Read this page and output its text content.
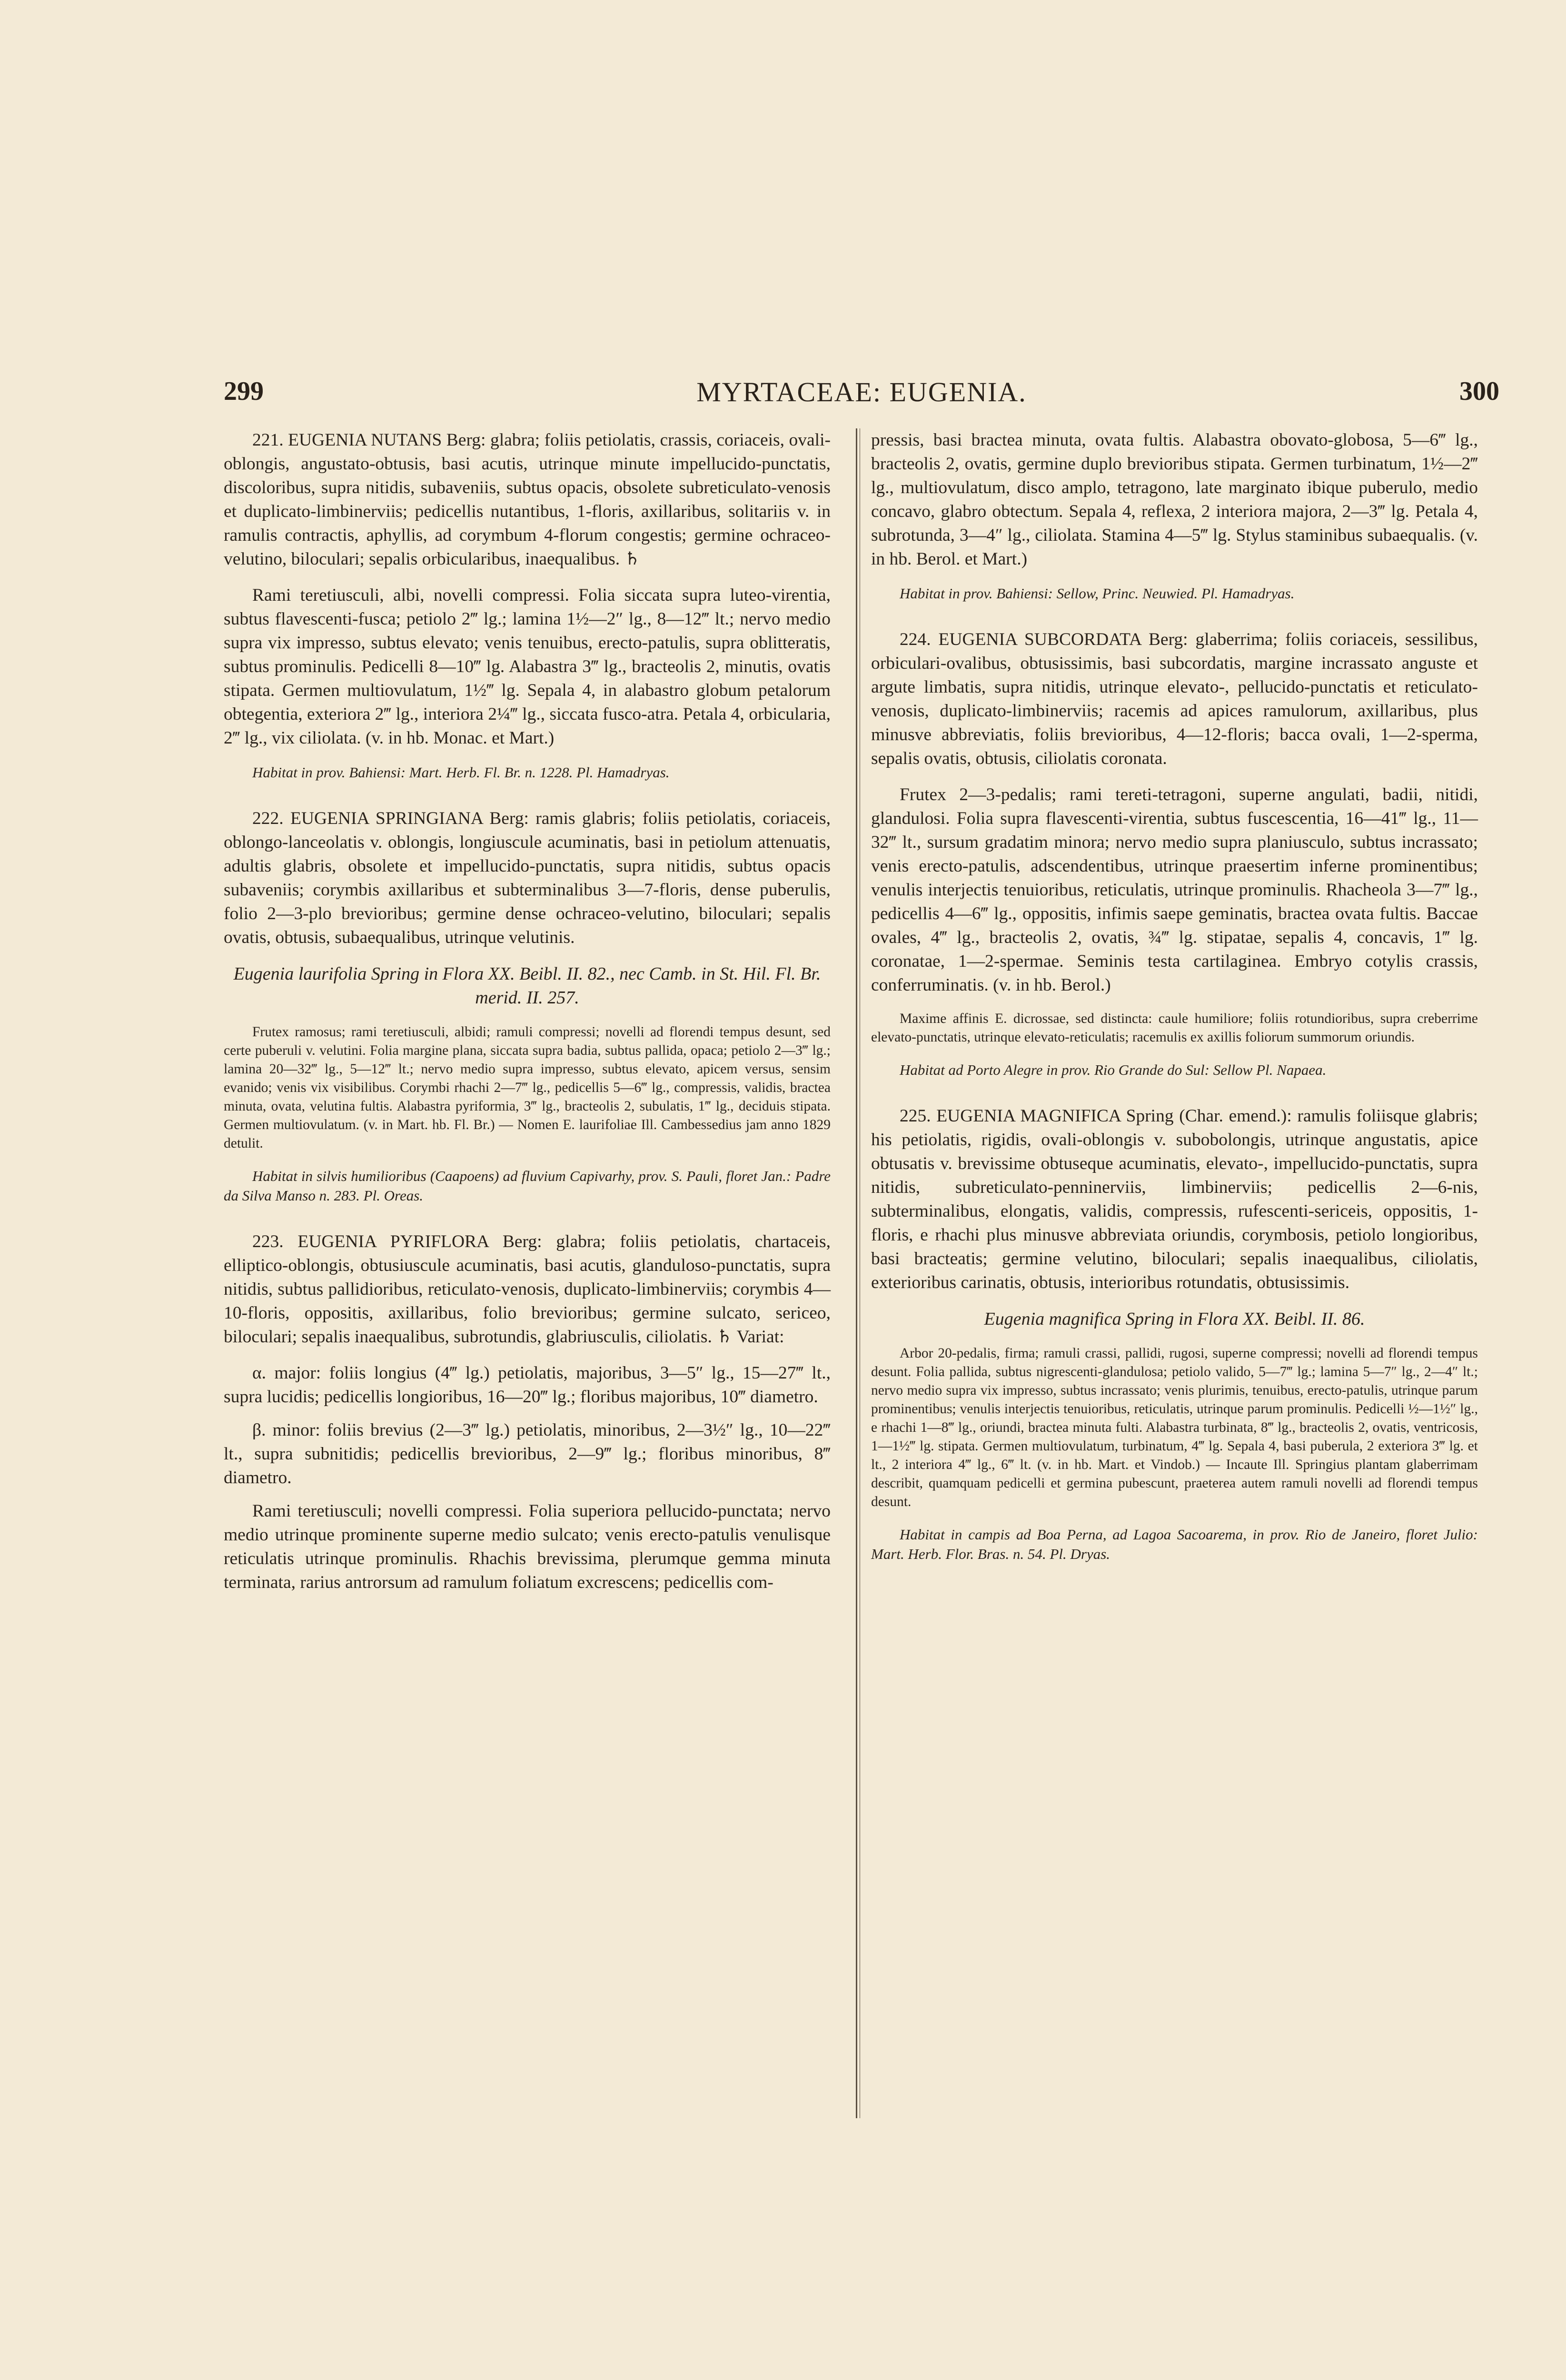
299	MYRTACEAE: EUGENIA.	300

221. EUGENIA NUTANS Berg: glabra; foliis petiolatis, crassis, coriaceis, ovali-oblongis, angustato-obtusis, basi acutis, utrinque minute impellucido-punctatis, discoloribus, supra nitidis, subaveniis, subtus opacis, obsolete subreticulato-venosis et duplicato-limbinerviis; pedicellis nutantibus, 1-floris, axillaribus, solitariis v. in ramulis contractis, aphyllis, ad corymbum 4-florum congestis; germine ochraceo-velutino, biloculari; sepalis orbicularibus, inaequalibus. ♄

Rami teretiusculi, albi, novelli compressi. Folia siccata supra luteo-virentia, subtus flavescenti-fusca; petiolo 2‴ lg.; lamina 1½—2″ lg., 8—12‴ lt.; nervo medio supra vix impresso, subtus elevato; venis tenuibus, erecto-patulis, supra oblitteratis, subtus prominulis. Pedicelli 8—10‴ lg. Alabastra 3‴ lg., bracteolis 2, minutis, ovatis stipata. Germen multiovulatum, 1½‴ lg. Sepala 4, in alabastro globum petalorum obtegentia, exteriora 2‴ lg., interiora 2¼‴ lg., siccata fusco-atra. Petala 4, orbicularia, 2‴ lg., vix ciliolata. (v. in hb. Monac. et Mart.)

Habitat in prov. Bahiensi: Mart. Herb. Fl. Br. n. 1228. Pl. Hamadryas.

222. EUGENIA SPRINGIANA Berg: ramis glabris; foliis petiolatis, coriaceis, oblongo-lanceolatis v. oblongis, longiuscule acuminatis, basi in petiolum attenuatis, adultis glabris, obsolete et impellucido-punctatis, supra nitidis, subtus opacis subaveniis; corymbis axillaribus et subterminalibus 3—7-floris, dense puberulis, folio 2—3-plo brevioribus; germine dense ochraceo-velutino, biloculari; sepalis ovatis, obtusis, subaequalibus, utrinque velutinis.

Eugenia laurifolia Spring in Flora XX. Beibl. II. 82., nec Camb. in St. Hil. Fl. Br. merid. II. 257.

Frutex ramosus; rami teretiusculi, albidi; ramuli compressi; novelli ad florendi tempus desunt, sed certe puberuli v. velutini. Folia margine plana, siccata supra badia, subtus pallida, opaca; petiolo 2—3‴ lg.; lamina 20—32‴ lg., 5—12‴ lt.; nervo medio supra impresso, subtus elevato, apicem versus, sensim evanido; venis vix visibilibus. Corymbi rhachi 2—7‴ lg., pedicellis 5—6‴ lg., compressis, validis, bractea minuta, ovata, velutina fultis. Alabastra pyriformia, 3‴ lg., bracteolis 2, subulatis, 1‴ lg., deciduis stipata. Germen multiovulatum. (v. in Mart. hb. Fl. Br.) — Nomen E. laurifoliae Ill. Cambessedius jam anno 1829 detulit.

Habitat in silvis humilioribus (Caapoens) ad fluvium Capivarhy, prov. S. Pauli, floret Jan.: Padre da Silva Manso n. 283. Pl. Oreas.

223. EUGENIA PYRIFLORA Berg: glabra; foliis petiolatis, chartaceis, elliptico-oblongis, obtusiuscule acuminatis, basi acutis, glanduloso-punctatis, supra nitidis, subtus pallidioribus, reticulato-venosis, duplicato-limbinerviis; corymbis 4—10-floris, oppositis, axillaribus, folio brevioribus; germine sulcato, sericeo, biloculari; sepalis inaequalibus, subrotundis, glabriusculis, ciliolatis. ♄ Variat:

α. major: foliis longius (4‴ lg.) petiolatis, majoribus, 3—5″ lg., 15—27‴ lt., supra lucidis; pedicellis longioribus, 16—20‴ lg.; floribus majoribus, 10‴ diametro.

β. minor: foliis brevius (2—3‴ lg.) petiolatis, minoribus, 2—3½″ lg., 10—22‴ lt., supra subnitidis; pedicellis brevioribus, 2—9‴ lg.; floribus minoribus, 8‴ diametro.

Rami teretiusculi; novelli compressi. Folia superiora pellucido-punctata; nervo medio utrinque prominente superne medio sulcato; venis erecto-patulis venulisque reticulatis utrinque prominulis. Rhachis brevissima, plerumque gemma minuta terminata, rarius antrorsum ad ramulum foliatum excrescens; pedicellis com-

pressis, basi bractea minuta, ovata fultis. Alabastra obovato-globosa, 5—6‴ lg., bracteolis 2, ovatis, germine duplo brevioribus stipata. Germen turbinatum, 1½—2‴ lg., multiovulatum, disco amplo, tetragono, late marginato ibique puberulo, medio concavo, glabro obtectum. Sepala 4, reflexa, 2 interiora majora, 2—3‴ lg. Petala 4, subrotunda, 3—4″ lg., ciliolata. Stamina 4—5‴ lg. Stylus staminibus subaequalis. (v. in hb. Berol. et Mart.)

Habitat in prov. Bahiensi: Sellow, Princ. Neuwied. Pl. Hamadryas.

224. EUGENIA SUBCORDATA Berg: glaberrima; foliis coriaceis, sessilibus, orbiculari-ovalibus, obtusissimis, basi subcordatis, margine incrassato anguste et argute limbatis, supra nitidis, utrinque elevato-, pellucido-punctatis et reticulato-venosis, duplicato-limbinerviis; racemis ad apices ramulorum, axillaribus, plus minusve abbreviatis, foliis brevioribus, 4—12-floris; bacca ovali, 1—2-sperma, sepalis ovatis, obtusis, ciliolatis coronata.

Frutex 2—3-pedalis; rami tereti-tetragoni, superne angulati, badii, nitidi, glandulosi. Folia supra flavescenti-virentia, subtus fuscescentia, 16—41‴ lg., 11—32‴ lt., sursum gradatim minora; nervo medio supra planiusculo, subtus incrassato; venis erecto-patulis, adscendentibus, utrinque praesertim inferne prominentibus; venulis interjectis tenuioribus, reticulatis, utrinque prominulis. Rhacheola 3—7‴ lg., pedicellis 4—6‴ lg., oppositis, infimis saepe geminatis, bractea ovata fultis. Baccae ovales, 4‴ lg., bracteolis 2, ovatis, ¾‴ lg. stipatae, sepalis 4, concavis, 1‴ lg. coronatae, 1—2-spermae. Seminis testa cartilaginea. Embryo cotylis crassis, conferruminatis. (v. in hb. Berol.)

Maxime affinis E. dicrossae, sed distincta: caule humiliore; foliis rotundioribus, supra creberrime elevato-punctatis, utrinque elevato-reticulatis; racemulis ex axillis foliorum summorum oriundis.

Habitat ad Porto Alegre in prov. Rio Grande do Sul: Sellow Pl. Napaea.

225. EUGENIA MAGNIFICA Spring (Char. emend.): ramulis foliisque glabris; his petiolatis, rigidis, ovali-oblongis v. subobolongis, utrinque angustatis, apice obtusatis v. brevissime obtuseque acuminatis, elevato-, impellucido-punctatis, supra nitidis, subreticulato-penninerviis, limbinerviis; pedicellis 2—6-nis, subterminalibus, elongatis, validis, compressis, rufescenti-sericeis, oppositis, 1-floris, e rhachi plus minusve abbreviata oriundis, corymbosis, petiolo longioribus, basi bracteatis; germine velutino, biloculari; sepalis inaequalibus, ciliolatis, exterioribus carinatis, obtusis, interioribus rotundatis, obtusissimis.

Eugenia magnifica Spring in Flora XX. Beibl. II. 86.

Arbor 20-pedalis, firma; ramuli crassi, pallidi, rugosi, superne compressi; novelli ad florendi tempus desunt. Folia pallida, subtus nigrescenti-glandulosa; petiolo valido, 5—7‴ lg.; lamina 5—7″ lg., 2—4″ lt.; nervo medio supra vix impresso, subtus incrassato; venis plurimis, tenuibus, erecto-patulis, utrinque parum prominentibus; venulis interjectis tenuioribus, reticulatis, utrinque parum prominulis. Pedicelli ½—1½″ lg., e rhachi 1—8‴ lg., oriundi, bractea minuta fulti. Alabastra turbinata, 8‴ lg., bracteolis 2, ovatis, ventricosis, 1—1½‴ lg. stipata. Germen multiovulatum, turbinatum, 4‴ lg. Sepala 4, basi puberula, 2 exteriora 3‴ lg. et lt., 2 interiora 4‴ lg., 6‴ lt. (v. in hb. Mart. et Vindob.) — Incaute Ill. Springius plantam glaberrimam describit, quamquam pedicelli et germina pubescunt, praeterea autem ramuli novelli ad florendi tempus desunt.

Habitat in campis ad Boa Perna, ad Lagoa Sacoarema, in prov. Rio de Janeiro, floret Julio: Mart. Herb. Flor. Bras. n. 54. Pl. Dryas.
